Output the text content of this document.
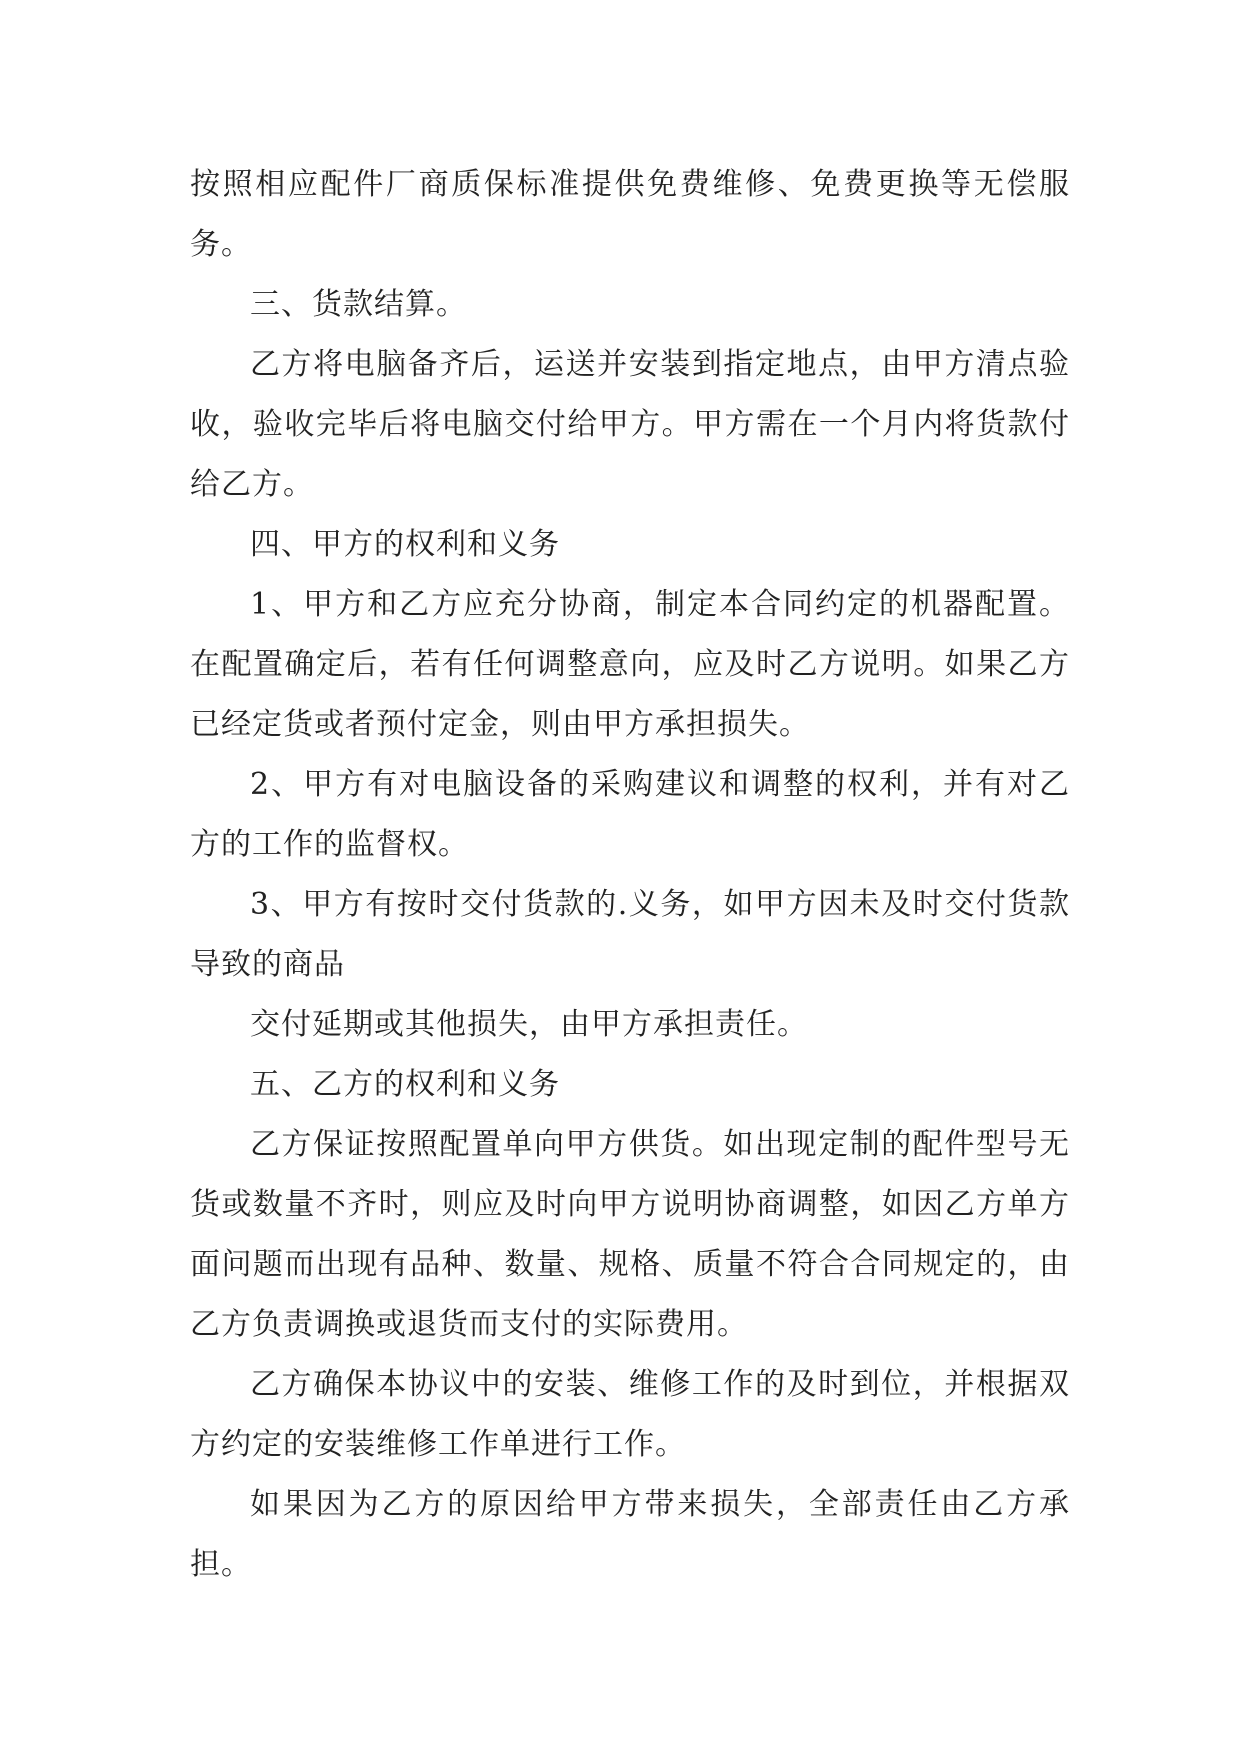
按照相应配件厂商质保标准提供免费维修、免费更换等无偿服务。

三、货款结算。

乙方将电脑备齐后，运送并安装到指定地点，由甲方清点验收，验收完毕后将电脑交付给甲方。甲方需在一个月内将货款付给乙方。

四、甲方的权利和义务

1、甲方和乙方应充分协商，制定本合同约定的机器配置。在配置确定后，若有任何调整意向，应及时乙方说明。如果乙方已经定货或者预付定金，则由甲方承担损失。

2、甲方有对电脑设备的采购建议和调整的权利，并有对乙方的工作的监督权。

3、甲方有按时交付货款的.义务，如甲方因未及时交付货款导致的商品

交付延期或其他损失，由甲方承担责任。

五、乙方的权利和义务

乙方保证按照配置单向甲方供货。如出现定制的配件型号无货或数量不齐时，则应及时向甲方说明协商调整，如因乙方单方面问题而出现有品种、数量、规格、质量不符合合同规定的，由乙方负责调换或退货而支付的实际费用。

乙方确保本协议中的安装、维修工作的及时到位，并根据双方约定的安装维修工作单进行工作。

如果因为乙方的原因给甲方带来损失，全部责任由乙方承担。
